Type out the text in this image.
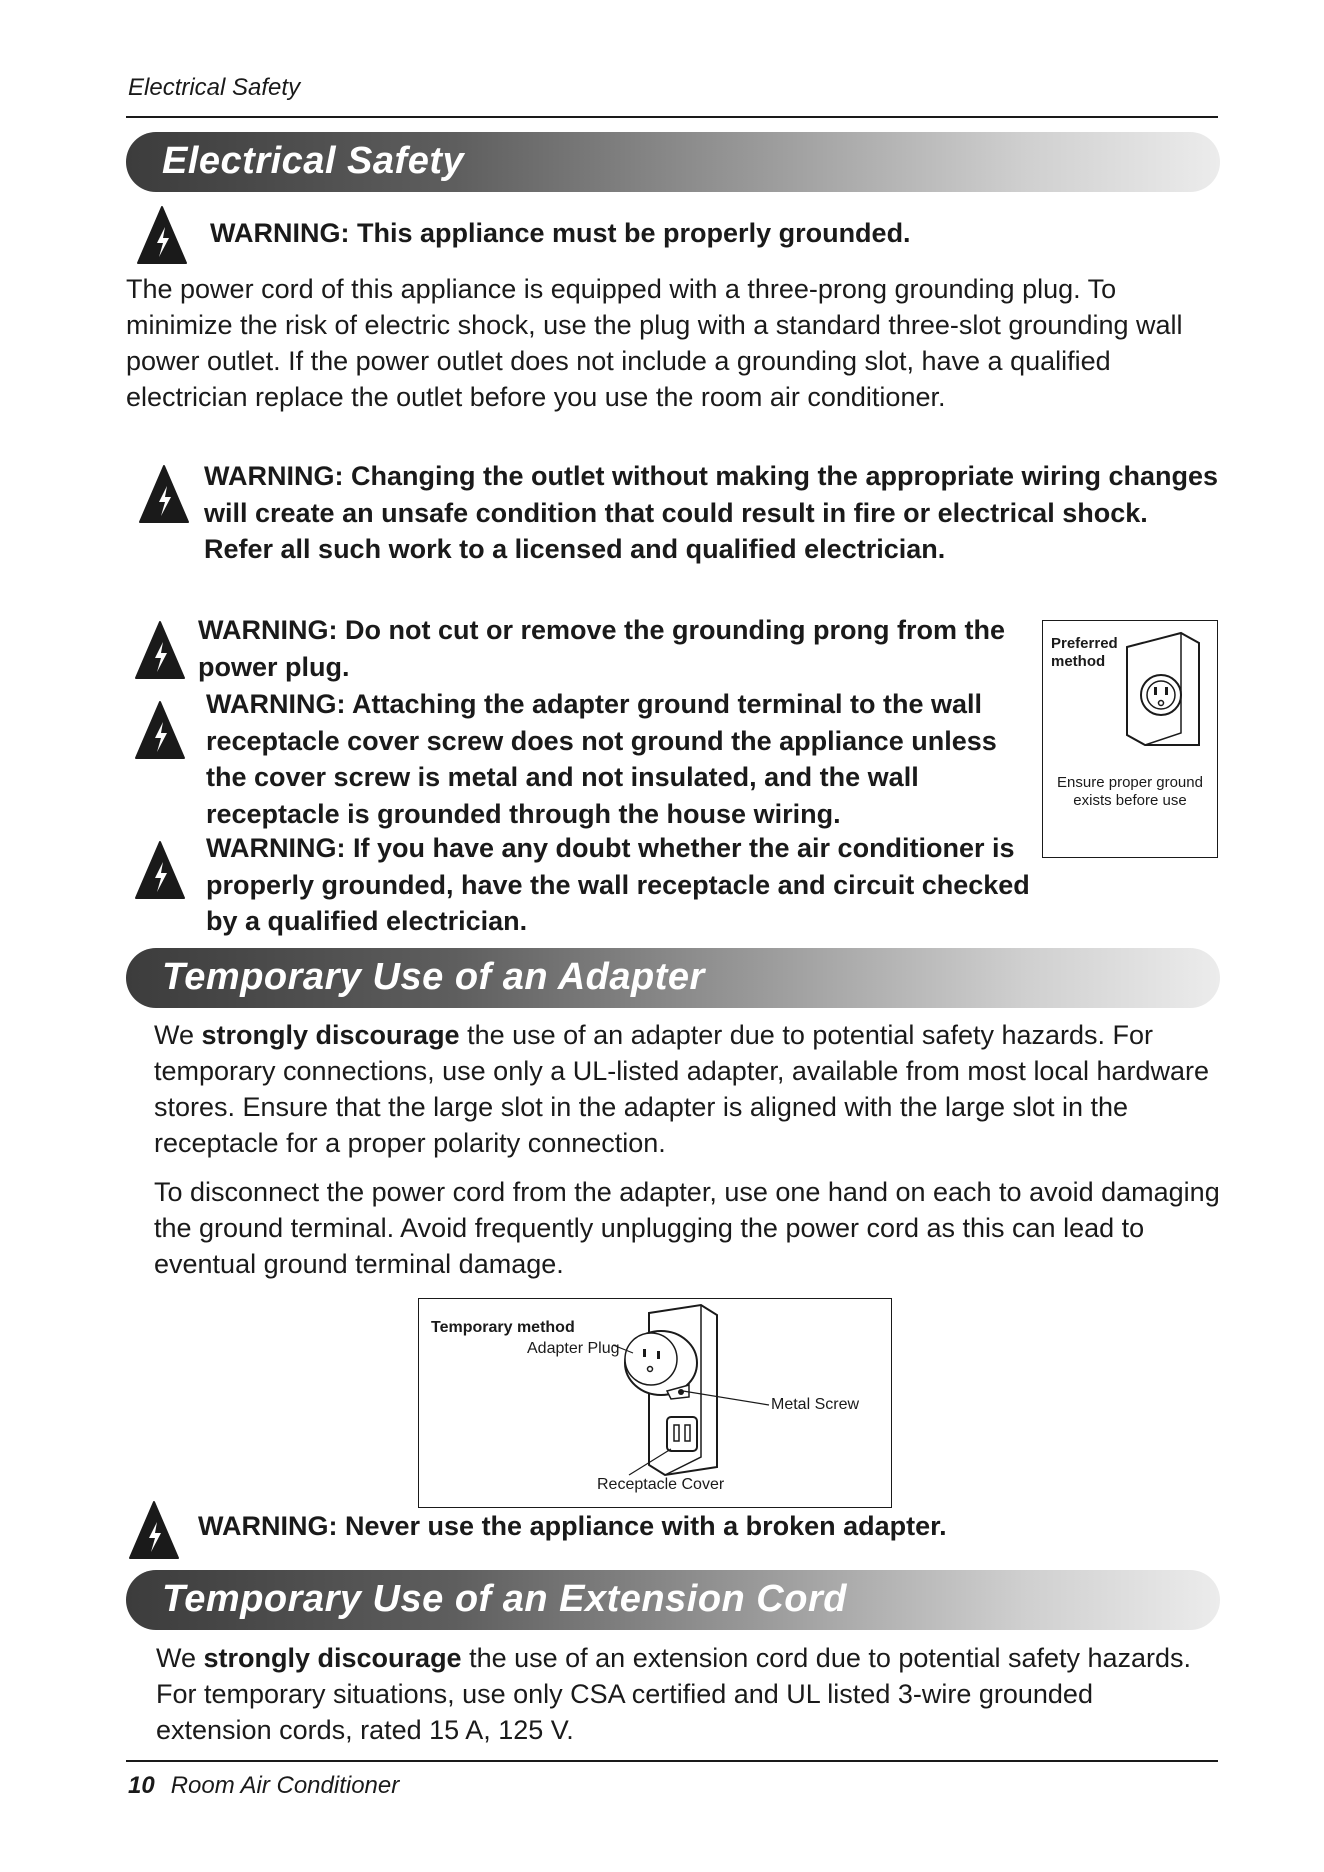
Electrical Safety
Electrical Safety
WARNING: This appliance must be properly grounded.

The power cord of this appliance is equipped with a three-prong grounding plug. To minimize the risk of electric shock, use the plug with a standard three-slot grounding wall power outlet. If the power outlet does not include a grounding slot, have a qualified electrician replace the outlet before you use the room air conditioner.

WARNING: Changing the outlet without making the appropriate wiring changes will create an unsafe condition that could result in fire or electrical shock. Refer all such work to a licensed and qualified electrician.
WARNING: Do not cut or remove the grounding prong from the power plug.
WARNING: Attaching the adapter ground terminal to the wall receptacle cover screw does not ground the appliance unless the cover screw is metal and not insulated, and the wall receptacle is grounded through the house wiring.
WARNING: If you have any doubt whether the air conditioner is properly grounded, have the wall receptacle and circuit checked by a qualified electrician.
Preferred
method
Ensure proper ground
exists before use
Temporary Use of an Adapter

We strongly discourage the use of an adapter due to potential safety hazards. For temporary connections, use only a UL-listed adapter, available from most local hardware stores. Ensure that the large slot in the adapter is aligned with the large slot in the receptacle for a proper polarity connection.

To disconnect the power cord from the adapter, use one hand on each to avoid damaging the ground terminal. Avoid frequently unplugging the power cord as this can lead to eventual ground terminal damage.
Temporary method
Adapter Plug
Metal Screw
Receptacle Cover
WARNING: Never use the appliance with a broken adapter.
Temporary Use of an Extension Cord

We strongly discourage the use of an extension cord due to potential safety hazards. For temporary situations, use only CSA certified and UL listed 3-wire grounded extension cords, rated 15 A, 125 V.

10 Room Air Conditioner
